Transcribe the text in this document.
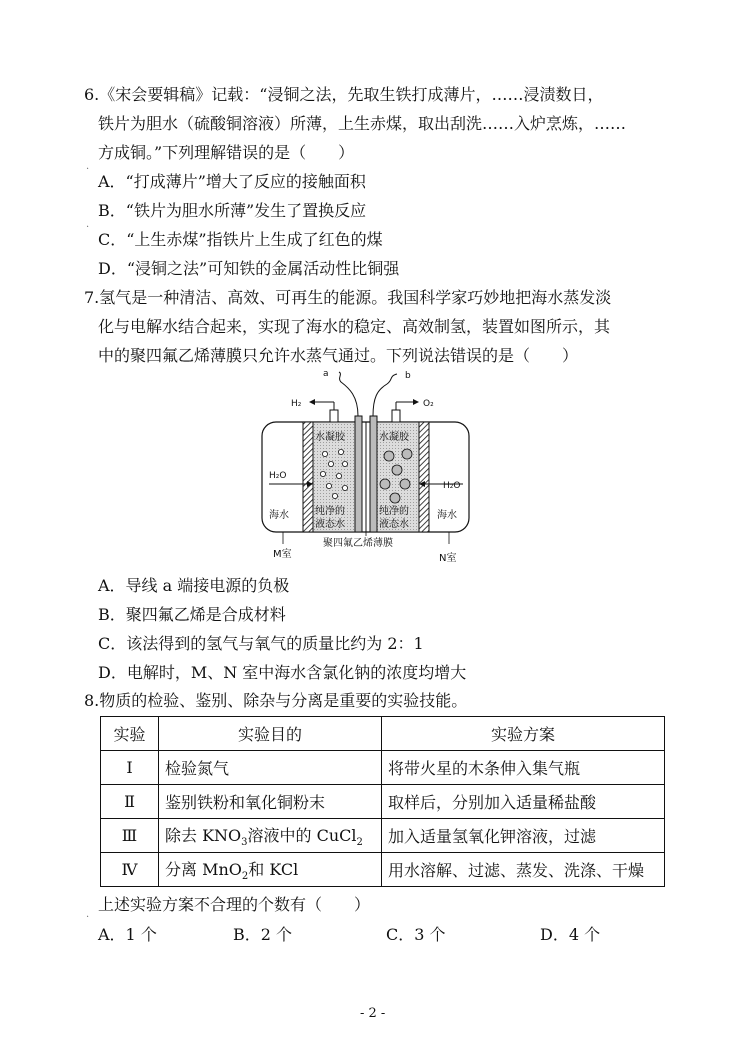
6.《宋会要辑稿》记载：“浸铜之法，先取生铁打成薄片，……浸渍数日，
铁片为胆水（硫酸铜溶液）所薄，上生赤煤，取出刮洗……入炉烹炼，……
方成铜。”下列理解错误的是（　　）
A．“打成薄片”增大了反应的接触面积
B．“铁片为胆水所薄”发生了置换反应
C．“上生赤煤”指铁片上生成了红色的煤
D．“浸铜之法”可知铁的金属活动性比铜强
7.氢气是一种清洁、高效、可再生的能源。我国科学家巧妙地把海水蒸发淡
化与电解水结合起来，实现了海水的稳定、高效制氢，装置如图所示，其
中的聚四氟乙烯薄膜只允许水蒸气通过。下列说法错误的是（　　）
a	b
H₂	O₂
水凝胶	水凝胶
H₂O
H₂O
纯净的
液态水
纯净的
液态水
海水	海水
M室	N室
聚四氟乙烯薄膜
A．导线 a 端接电源的负极
B．聚四氟乙烯是合成材料
C．该法得到的氢气与氧气的质量比约为 2：1
D．电解时，M、N 室中海水含氯化钠的浓度均增大
8.物质的检验、鉴别、除杂与分离是重要的实验技能。
实验	实验目的	实验方案
Ⅰ	检验氮气	将带火星的木条伸入集气瓶
Ⅱ	鉴别铁粉和氧化铜粉末	取样后，分别加入适量稀盐酸
Ⅲ	除去 $KNO_3$溶液中的 CuCl$_2$	加入适量氢氧化钾溶液，过滤
Ⅳ	分离 MnO$_2$和 KCl	用水溶解、过滤、蒸发、洗涤、干燥
上述实验方案不合理的个数有（　　）
A．1 个	B．2 个	C．3 个	D．4 个
·
·
·
- 2 -
